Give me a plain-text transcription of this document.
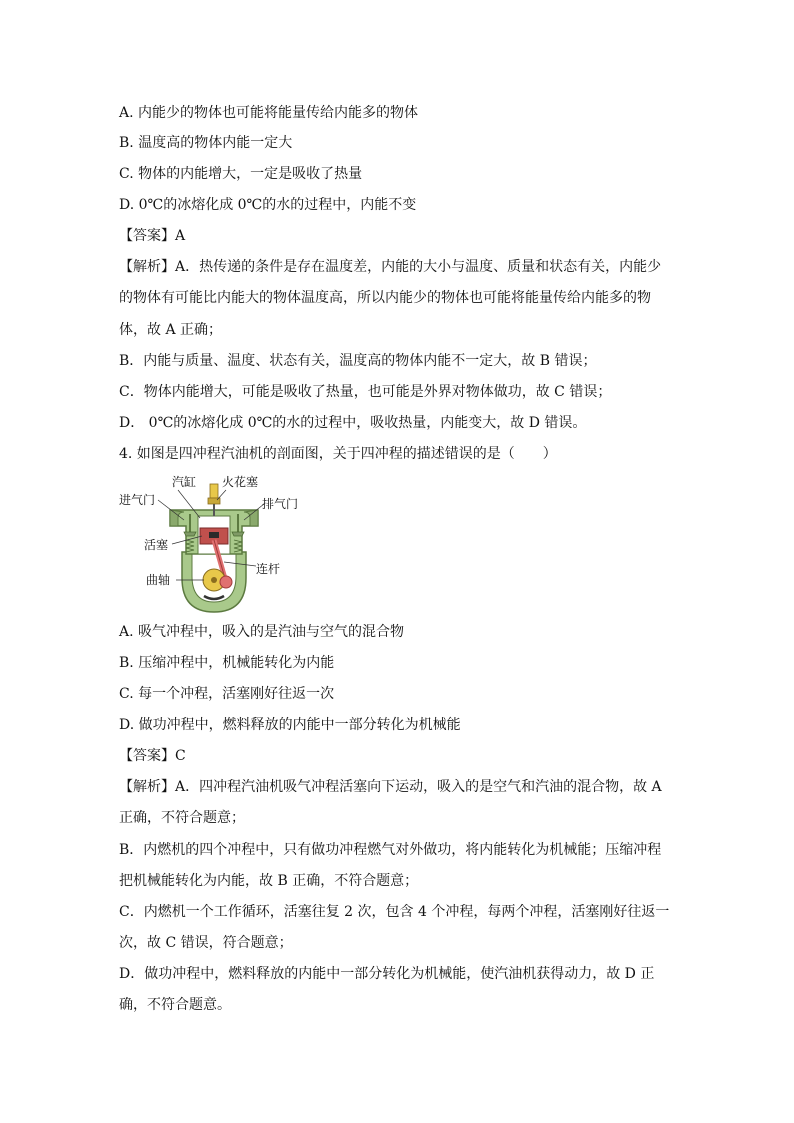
A. 内能少的物体也可能将能量传给内能多的物体
B. 温度高的物体内能一定大
C. 物体的内能增大，一定是吸收了热量
D. 0℃的冰熔化成 0℃的水的过程中，内能不变
【答案】A
【解析】A．热传递的条件是存在温度差，内能的大小与温度、质量和状态有关，内能少
的物体有可能比内能大的物体温度高，所以内能少的物体也可能将能量传给内能多的物
体，故 A 正确；
B．内能与质量、温度、状态有关，温度高的物体内能不一定大，故 B 错误；
C．物体内能增大，可能是吸收了热量，也可能是外界对物体做功，故 C 错误；
D． 0℃的冰熔化成 0℃的水的过程中，吸收热量，内能变大，故 D 错误。
4. 如图是四冲程汽油机的剖面图，关于四冲程的描述错误的是（　　）
汽缸 火花塞
进气门	排气门
活塞
连杆
曲轴
A. 吸气冲程中，吸入的是汽油与空气的混合物
B. 压缩冲程中，机械能转化为内能
C. 每一个冲程，活塞刚好往返一次
D. 做功冲程中，燃料释放的内能中一部分转化为机械能
【答案】C
【解析】A．四冲程汽油机吸气冲程活塞向下运动，吸入的是空气和汽油的混合物，故 A
正确，不符合题意；
B．内燃机的四个冲程中，只有做功冲程燃气对外做功，将内能转化为机械能；压缩冲程
把机械能转化为内能，故 B 正确，不符合题意；
C．内燃机一个工作循环，活塞往复 2 次，包含 4 个冲程，每两个冲程，活塞刚好往返一
次，故 C 错误，符合题意；
D．做功冲程中，燃料释放的内能中一部分转化为机械能，使汽油机获得动力，故 D 正
确，不符合题意。
